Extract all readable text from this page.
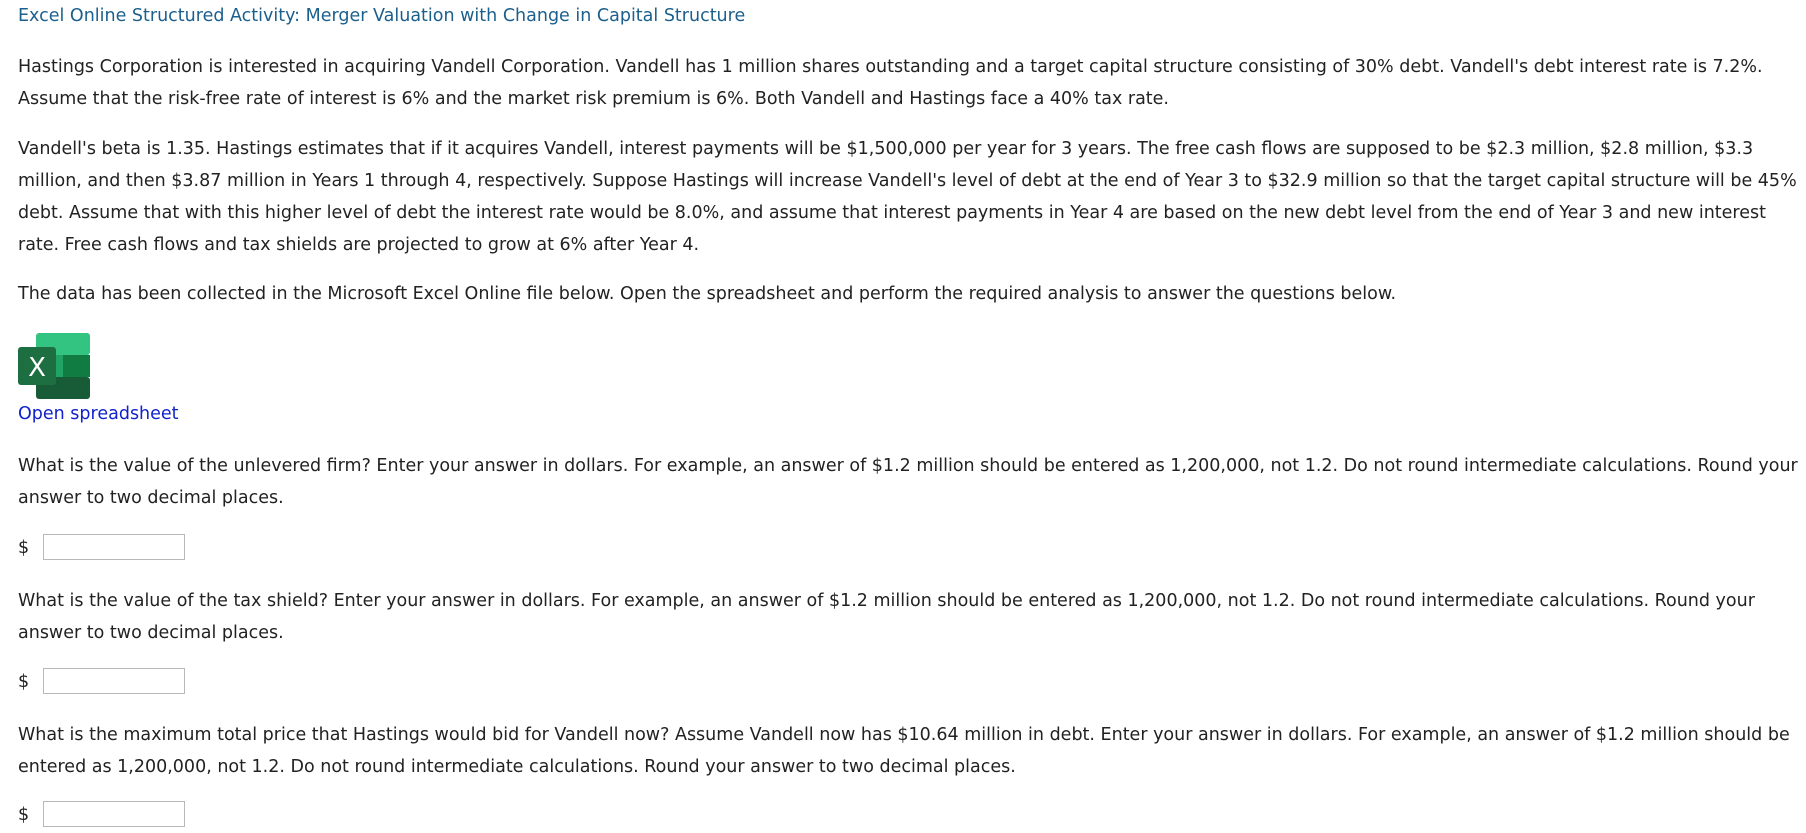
Excel Online Structured Activity: Merger Valuation with Change in Capital Structure

Hastings Corporation is interested in acquiring Vandell Corporation. Vandell has 1 million shares outstanding and a target capital structure consisting of 30% debt. Vandell's debt interest rate is 7.2%. Assume that the risk-free rate of interest is 6% and the market risk premium is 6%. Both Vandell and Hastings face a 40% tax rate.

Vandell's beta is 1.35. Hastings estimates that if it acquires Vandell, interest payments will be $1,500,000 per year for 3 years. The free cash flows are supposed to be $2.3 million, $2.8 million, $3.3 million, and then $3.87 million in Years 1 through 4, respectively. Suppose Hastings will increase Vandell's level of debt at the end of Year 3 to $32.9 million so that the target capital structure will be 45% debt. Assume that with this higher level of debt the interest rate would be 8.0%, and assume that interest payments in Year 4 are based on the new debt level from the end of Year 3 and new interest rate. Free cash flows and tax shields are projected to grow at 6% after Year 4.

The data has been collected in the Microsoft Excel Online file below. Open the spreadsheet and perform the required analysis to answer the questions below.

X
Open spreadsheet

What is the value of the unlevered firm? Enter your answer in dollars. For example, an answer of $1.2 million should be entered as 1,200,000, not 1.2. Do not round intermediate calculations. Round your answer to two decimal places.

$

What is the value of the tax shield? Enter your answer in dollars. For example, an answer of $1.2 million should be entered as 1,200,000, not 1.2. Do not round intermediate calculations. Round your answer to two decimal places.

$

What is the maximum total price that Hastings would bid for Vandell now? Assume Vandell now has $10.64 million in debt. Enter your answer in dollars. For example, an answer of $1.2 million should be entered as 1,200,000, not 1.2. Do not round intermediate calculations. Round your answer to two decimal places.

$
